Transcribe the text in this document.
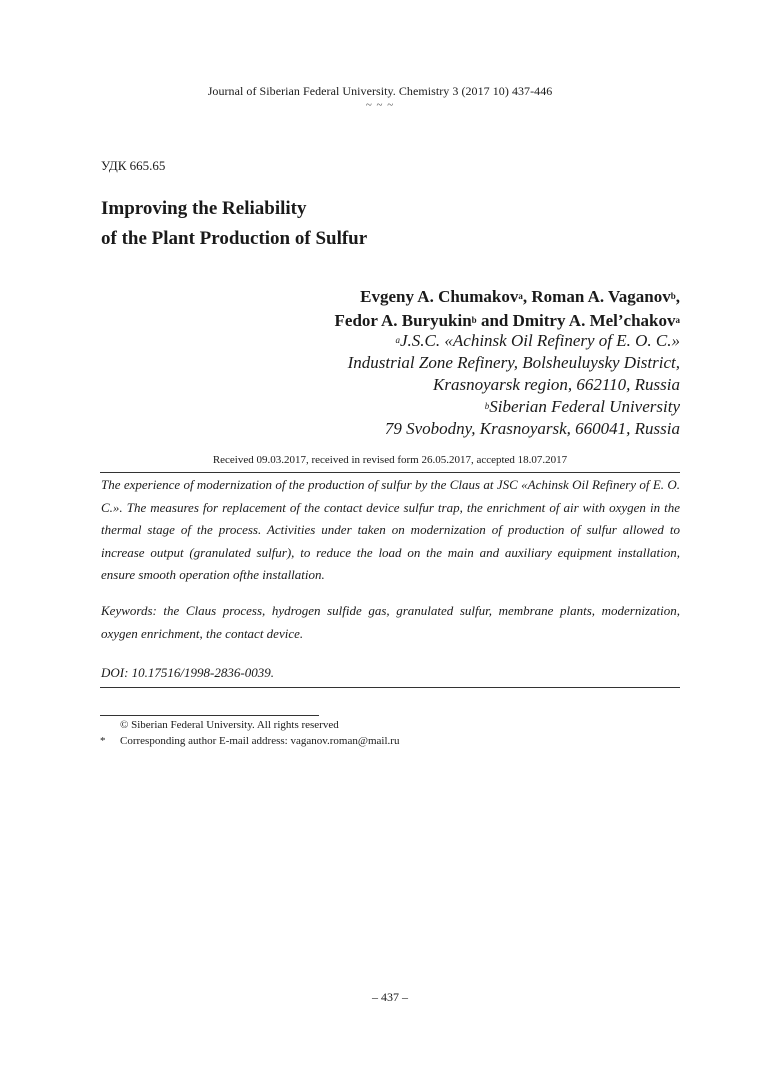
Journal of Siberian Federal University. Chemistry 3 (2017 10) 437-446
~ ~ ~
УДК 665.65
Improving the Reliability
of the Plant Production of Sulfur
Evgeny A. Chumakov$^a$, Roman A. Vaganov$^b$,
Fedor A. Buryukin$^b$ and Dmitry A. Mel’chakov$^a$
$^a$J.S.C. «Achinsk Oil Refinery of E. O. C.»
Industrial Zone Refinery, Bolsheuluysky District,
Krasnoyarsk region, 662110, Russia
$^b$Siberian Federal University
79 Svobodny, Krasnoyarsk, 660041, Russia
Received 09.03.2017, received in revised form 26.05.2017, accepted 18.07.2017
The experience of modernization of the production of sulfur by the Claus at JSC «Achinsk Oil Refinery of E. O. C.». The measures for replacement of the contact device sulfur trap, the enrichment of air with oxygen in the thermal stage of the process. Activities under taken on modernization of production of sulfur allowed to increase output (granulated sulfur), to reduce the load on the main and auxiliary equipment installation, ensure smooth operation ofthe installation.
Keywords: the Claus process, hydrogen sulfide gas, granulated sulfur, membrane plants, modernization, oxygen enrichment, the contact device.
DOI: 10.17516/1998-2836-0039.
© Siberian Federal University. All rights reserved
* Corresponding author E-mail address: vaganov.roman@mail.ru
– 437 –
